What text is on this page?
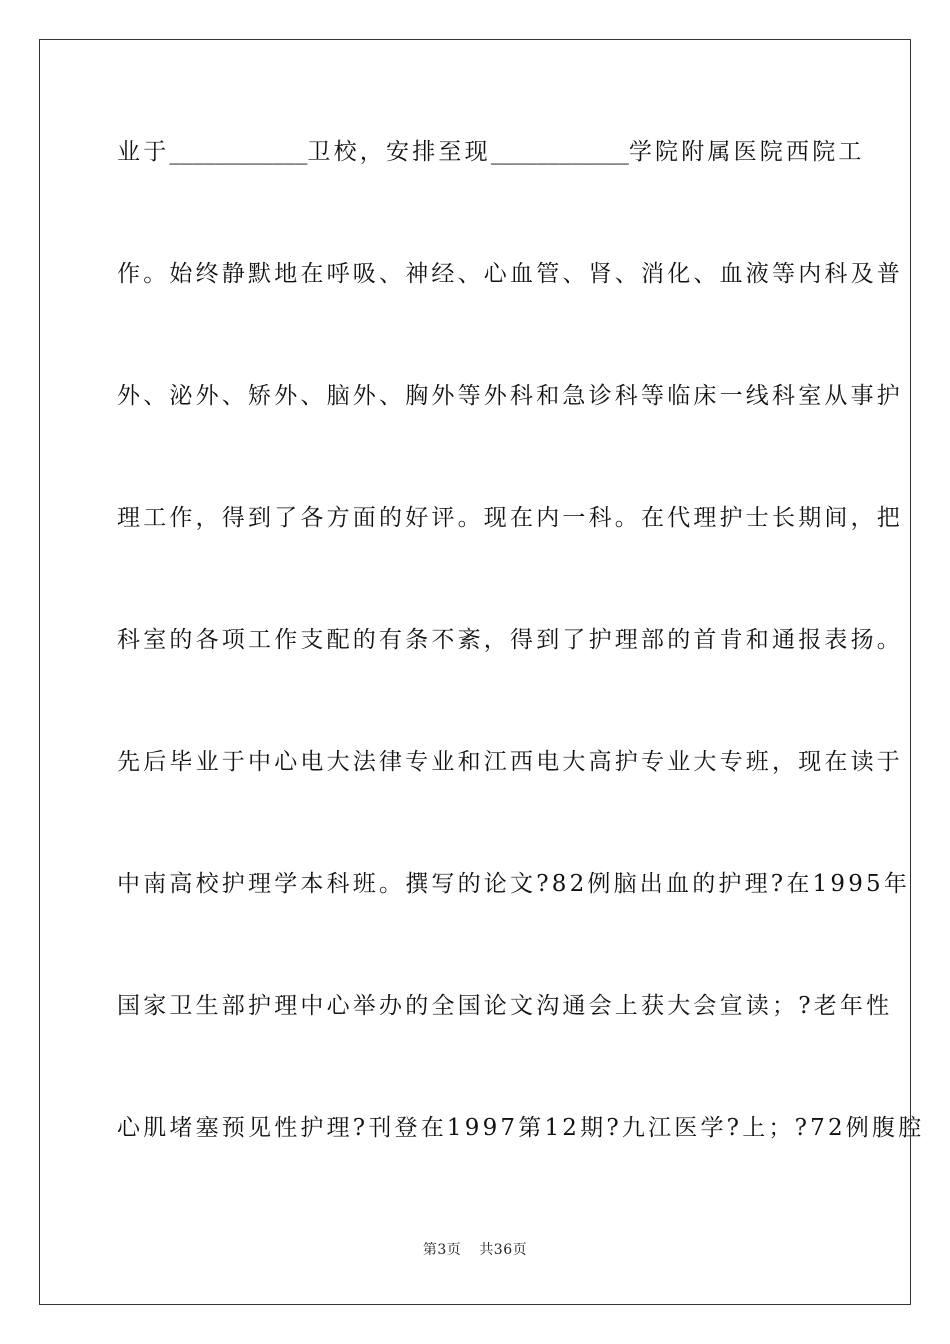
业于____________卫校，安排至现____________学院附属医院西院工
作。始终静默地在呼吸、神经、心血管、肾、消化、血液等内科及普
外、泌外、矫外、脑外、胸外等外科和急诊科等临床一线科室从事护
理工作，得到了各方面的好评。现在内一科。在代理护士长期间，把
科室的各项工作支配的有条不紊，得到了护理部的首肯和通报表扬。
先后毕业于中心电大法律专业和江西电大高护专业大专班，现在读于
中南高校护理学本科班。撰写的论文?82例脑出血的护理?在1995年
国家卫生部护理中心举办的全国论文沟通会上获大会宣读；?老年性
心肌堵塞预见性护理?刊登在1997第12期?九江医学?上；?72例腹腔
第3页 共36页
